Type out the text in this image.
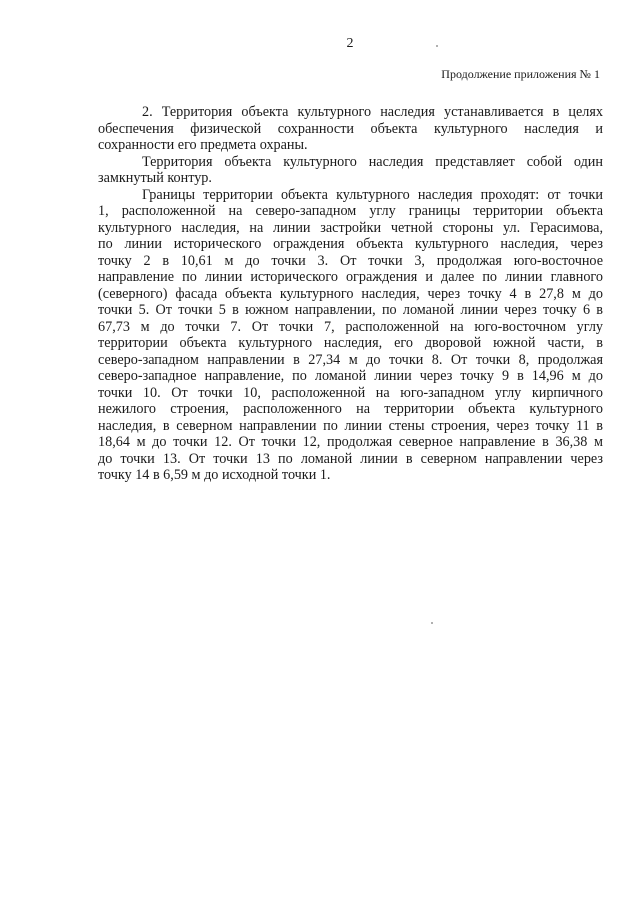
2
Продолжение приложения № 1
2. Территория объекта культурного наследия устанавливается в целях
обеспечения физической сохранности объекта культурного наследия и
сохранности его предмета охраны.
Территория объекта культурного наследия представляет собой один
замкнутый контур.
Границы территории объекта культурного наследия проходят: от точки
1, расположенной на северо-западном углу границы территории объекта
культурного наследия, на линии застройки четной стороны ул. Герасимова,
по линии исторического ограждения объекта культурного наследия, через
точку 2 в 10,61 м до точки 3. От точки 3, продолжая юго-восточное
направление по линии исторического ограждения и далее по линии главного
(северного) фасада объекта культурного наследия, через точку 4 в 27,8 м до
точки 5. От точки 5 в южном направлении, по ломаной линии через точку 6 в
67,73 м до точки 7. От точки 7, расположенной на юго-восточном углу
территории объекта культурного наследия, его дворовой южной части, в
северо-западном направлении в 27,34 м до точки 8. От точки 8, продолжая
северо-западное направление, по ломаной линии через точку 9 в 14,96 м до
точки 10. От точки 10, расположенной на юго-западном углу кирпичного
нежилого строения, расположенного на территории объекта культурного
наследия, в северном направлении по линии стены строения, через точку 11 в
18,64 м до точки 12. От точки 12, продолжая северное направление в 36,38 м
до точки 13. От точки 13 по ломаной линии в северном направлении через
точку 14 в 6,59 м до исходной точки 1.
